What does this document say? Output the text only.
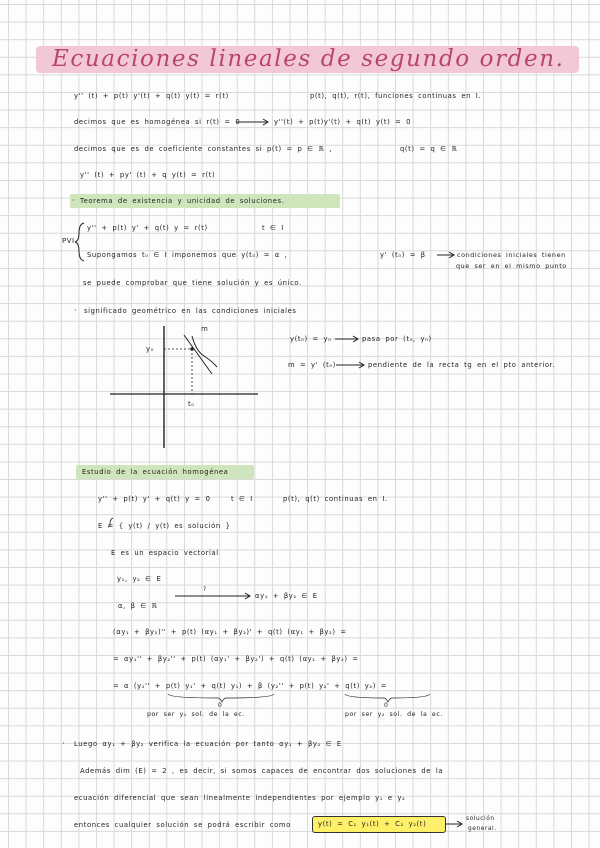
Ecuaciones lineales de segundo orden.
y'' (t) + p(t) y'(t) + q(t) y(t) = r(t)	p(t), q(t), r(t), funciones continuas en I.
decimos que es homogénea si r(t) = 0	y''(t) + p(t)y'(t) + q(t) y(t) = 0
decimos que es de coeficiente constantes si p(t) = p ∈ ℝ ,	q(t) = q ∈ ℝ
y'' (t) + py' (t) + q y(t) = r(t)
· Teorema de existencia y unicidad de soluciones.
PVI
y'' + p(t) y' + q(t) y = r(t)	t ∈ I
Supongamos t₀ ∈ I imponemos que y(t₀) = α ,	y' (t₀) = β	condiciones iniciales tienen
que ser en el mismo punto
se puede comprobar que tiene solución y es único.
· significado geométrico en las condiciones iniciales
y₀
t₀
m
y(t₀) = y₀	pasa por (t₀, y₀)
m = y' (t₀)	pendiente de la recta tg en el pto anterior.
Estudio de la ecuación homogénea
y'' + p(t) y' + q(t) y = 0	t ∈ I	p(t), q(t) continuas en I.
E = { y(t) / y(t) es solución }
E es un espacio vectorial
y₁, y₂ ∈ E
?
α, β ∈ ℝ
αy₁ + βy₂ ∈ E
(αy₁ + βy₂)'' + p(t) (αy₁ + βy₂)' + q(t) (αy₁ + βy₂) =
= αy₁'' + βy₂'' + p(t) (αy₁' + βy₂') + q(t) (αy₁ + βy₂) =
= α (y₁'' + p(t) y₁' + q(t) y₁) + β (y₂'' + p(t) y₂' + q(t) y₂) =
0	0
por ser y₁ sol. de la ec.	por ser y₂ sol. de la ec.
· Luego αy₁ + βy₂ verifica la ecuación por tanto αy₁ + βy₂ ∈ E
Además dim (E) = 2 , es decir, si somos capaces de encontrar dos soluciones de la
ecuación diferencial que sean linealmente independientes por ejemplo y₁ e y₂
entonces cualquier solución se podrá escribir como	y(t) = C₁ y₁(t) + C₂ y₂(t)
solución
general.
